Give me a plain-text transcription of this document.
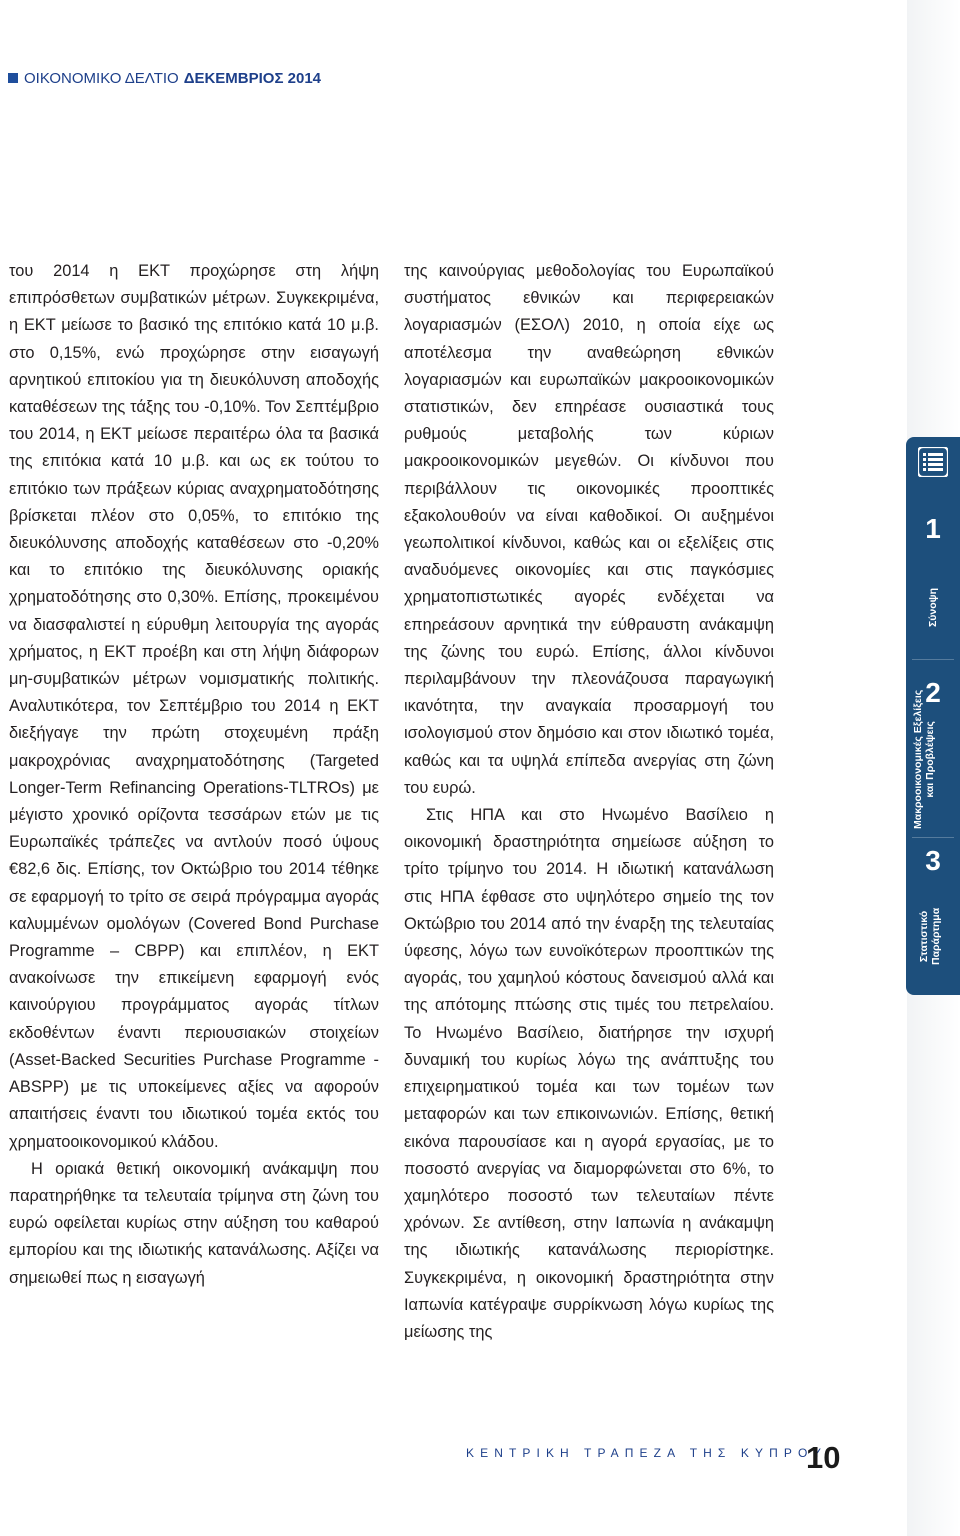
ΟΙΚΟΝΟΜΙΚΟ ΔΕΛΤΙΟ ΔΕΚΕΜΒΡΙΟΣ 2014

του 2014 η ΕΚΤ προχώρησε στη λήψη επιπρόσθετων συμβατικών μέτρων. Συγκεκριμένα, η ΕΚΤ μείωσε το βασικό της επιτόκιο κατά 10 μ.β. στο 0,15%, ενώ προχώρησε στην εισαγωγή αρνητικού επιτοκίου για τη διευκόλυνση αποδοχής καταθέσεων της τάξης του -0,10%. Τον Σεπτέμβριο του 2014, η ΕΚΤ μείωσε περαιτέρω όλα τα βασικά της επιτόκια κατά 10 μ.β. και ως εκ τούτου το επιτόκιο των πράξεων κύριας αναχρηματοδότησης βρίσκεται πλέον στο 0,05%, το επιτόκιο της διευκόλυνσης αποδοχής καταθέσεων στο -0,20% και το επιτόκιο της διευκόλυνσης οριακής χρηματοδότησης στο 0,30%. Επίσης, προκειμένου να διασφαλιστεί η εύρυθμη λειτουργία της αγοράς χρήματος, η ΕΚΤ προέβη και στη λήψη διάφορων μη-συμβατικών μέτρων νομισματικής πολιτικής. Αναλυτικότερα, τον Σεπτέμβριο του 2014 η ΕΚΤ διεξήγαγε την πρώτη στοχευμένη πράξη μακροχρόνιας αναχρηματοδότησης (Targeted Longer-Term Refinancing Operations-TLTROs) με μέγιστο χρονικό ορίζοντα τεσσάρων ετών με τις Ευρωπαϊκές τράπεζες να αντλούν ποσό ύψους €82,6 δις. Επίσης, τον Οκτώβριο του 2014 τέθηκε σε εφαρμογή το τρίτο σε σειρά πρόγραμμα αγοράς καλυμμένων ομολόγων (Covered Bond Purchase Programme – CBPP) και επιπλέον, η ΕΚΤ ανακοίνωσε την επικείμενη εφαρμογή ενός καινούργιου προγράμματος αγοράς τίτλων εκδοθέντων έναντι περιουσιακών στοιχείων (Asset-Backed Securities Purchase Programme - ABSPP) με τις υποκείμενες αξίες να αφορούν απαιτήσεις έναντι του ιδιωτικού τομέα εκτός του χρηματοοικονομικού κλάδου.

Η οριακά θετική οικονομική ανάκαμψη που παρατηρήθηκε τα τελευταία τρίμηνα στη ζώνη του ευρώ οφείλεται κυρίως στην αύξηση του καθαρού εμπορίου και της ιδιωτικής κατανάλωσης. Αξίζει να σημειωθεί πως η εισαγωγή

της καινούργιας μεθοδολογίας του Ευρωπαϊκού συστήματος εθνικών και περιφερειακών λογαριασμών (ΕΣΟΛ) 2010, η οποία είχε ως αποτέλεσμα την αναθεώρηση εθνικών λογαριασμών και ευρωπαϊκών μακροοικονομικών στατιστικών, δεν επηρέασε ουσιαστικά τους ρυθμούς μεταβολής των κύριων μακροοικονομικών μεγεθών. Οι κίνδυνοι που περιβάλλουν τις οικονομικές προοπτικές εξακολουθούν να είναι καθοδικοί. Οι αυξημένοι γεωπολιτικοί κίνδυνοι, καθώς και οι εξελίξεις στις αναδυόμενες οικονομίες και στις παγκόσμιες χρηματοπιστωτικές αγορές ενδέχεται να επηρεάσουν αρνητικά την εύθραυστη ανάκαμψη της ζώνης του ευρώ. Επίσης, άλλοι κίνδυνοι περιλαμβάνουν την πλεονάζουσα παραγωγική ικανότητα, την αναγκαία προσαρμογή του ισολογισμού στον δημόσιο και στον ιδιωτικό τομέα, καθώς και τα υψηλά επίπεδα ανεργίας στη ζώνη του ευρώ.

Στις ΗΠΑ και στο Ηνωμένο Βασίλειο η οικονομική δραστηριότητα σημείωσε αύξηση το τρίτο τρίμηνο του 2014. Η ιδιωτική κατανάλωση στις ΗΠΑ έφθασε στο υψηλότερο σημείο της τον Οκτώβριο του 2014 από την έναρξη της τελευταίας ύφεσης, λόγω των ευνοϊκότερων προοπτικών της αγοράς, του χαμηλού κόστους δανεισμού αλλά και της απότομης πτώσης στις τιμές του πετρελαίου. Το Ηνωμένο Βασίλειο, διατήρησε την ισχυρή δυναμική του κυρίως λόγω της ανάπτυξης του επιχειρηματικού τομέα και των τομέων των μεταφορών και των επικοινωνιών. Επίσης, θετική εικόνα παρουσίασε και η αγορά εργασίας, με το ποσοστό ανεργίας να διαμορφώνεται στο 6%, το χαμηλότερο ποσοστό των τελευταίων πέντε χρόνων. Σε αντίθεση, στην Ιαπωνία η ανάκαμψη της ιδιωτικής κατανάλωσης περιορίστηκε. Συγκεκριμένα, η οικονομική δραστηριότητα στην Ιαπωνία κατέγραψε συρρίκνωση λόγω κυρίως της μείωσης της

1
Σύνοψη
2
Μακροοικονομικές Εξελίξεις και Προβλέψεις
3
Στατιστικό Παράρτημα
ΚΕΝΤΡΙΚΗ ΤΡΑΠΕΖΑ ΤΗΣ ΚΥΠΡΟΥ
10
